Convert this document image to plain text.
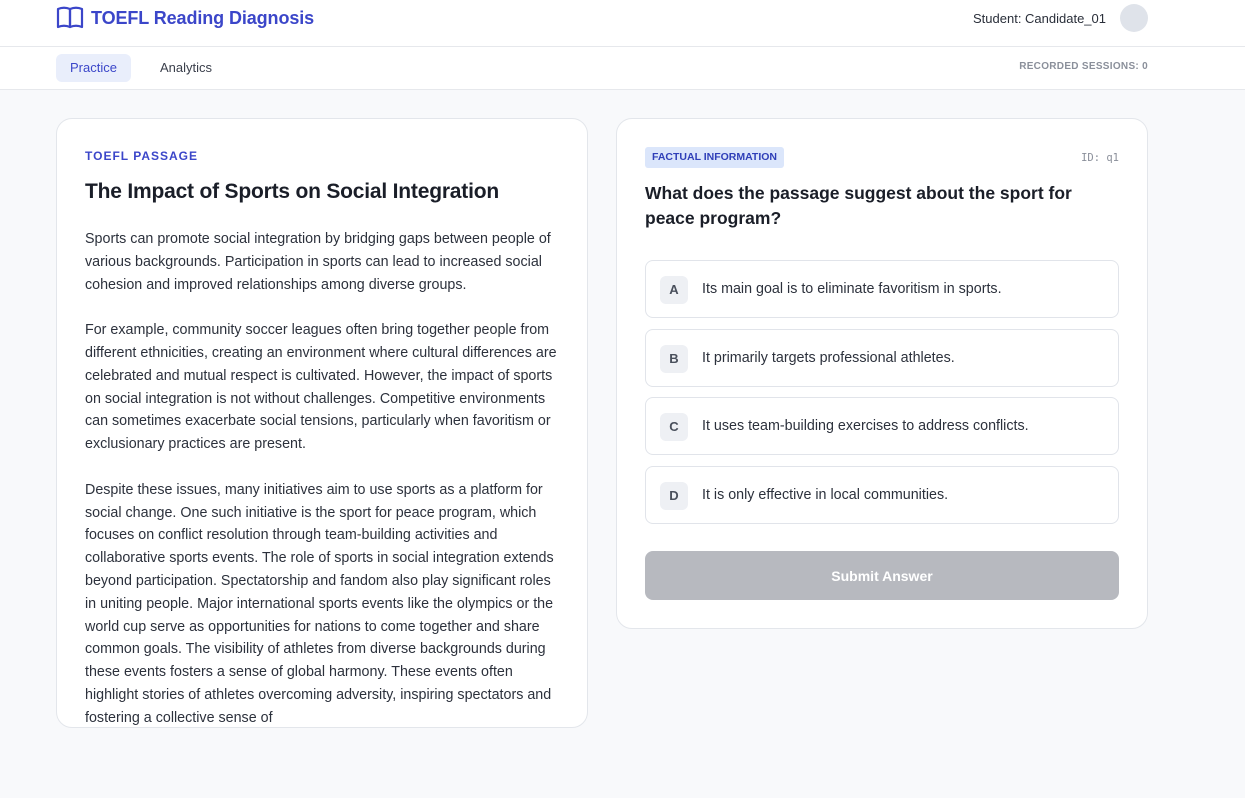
TOEFL Reading Diagnosis	Student: Candidate_01
Practice	Analytics	RECORDED SESSIONS: 0
TOEFL PASSAGE
The Impact of Sports on Social Integration

Sports can promote social integration by bridging gaps between people of various backgrounds. Participation in sports can lead to increased social cohesion and improved relationships among diverse groups.

For example, community soccer leagues often bring together people from different ethnicities, creating an environment where cultural differences are celebrated and mutual respect is cultivated. However, the impact of sports on social integration is not without challenges. Competitive environments can sometimes exacerbate social tensions, particularly when favoritism or exclusionary practices are present.

Despite these issues, many initiatives aim to use sports as a platform for social change. One such initiative is the sport for peace program, which focuses on conflict resolution through team-building activities and collaborative sports events. The role of sports in social integration extends beyond participation. Spectatorship and fandom also play significant roles in uniting people. Major international sports events like the olympics or the world cup serve as opportunities for nations to come together and share common goals. The visibility of athletes from diverse backgrounds during these events fosters a sense of global harmony. These events often highlight stories of athletes overcoming adversity, inspiring spectators and fostering a collective sense of

FACTUAL INFORMATION	ID: q1
What does the passage suggest about the sport for peace program?
A	Its main goal is to eliminate favoritism in sports.
B	It primarily targets professional athletes.
C	It uses team-building exercises to address conflicts.
D	It is only effective in local communities.
Submit Answer
